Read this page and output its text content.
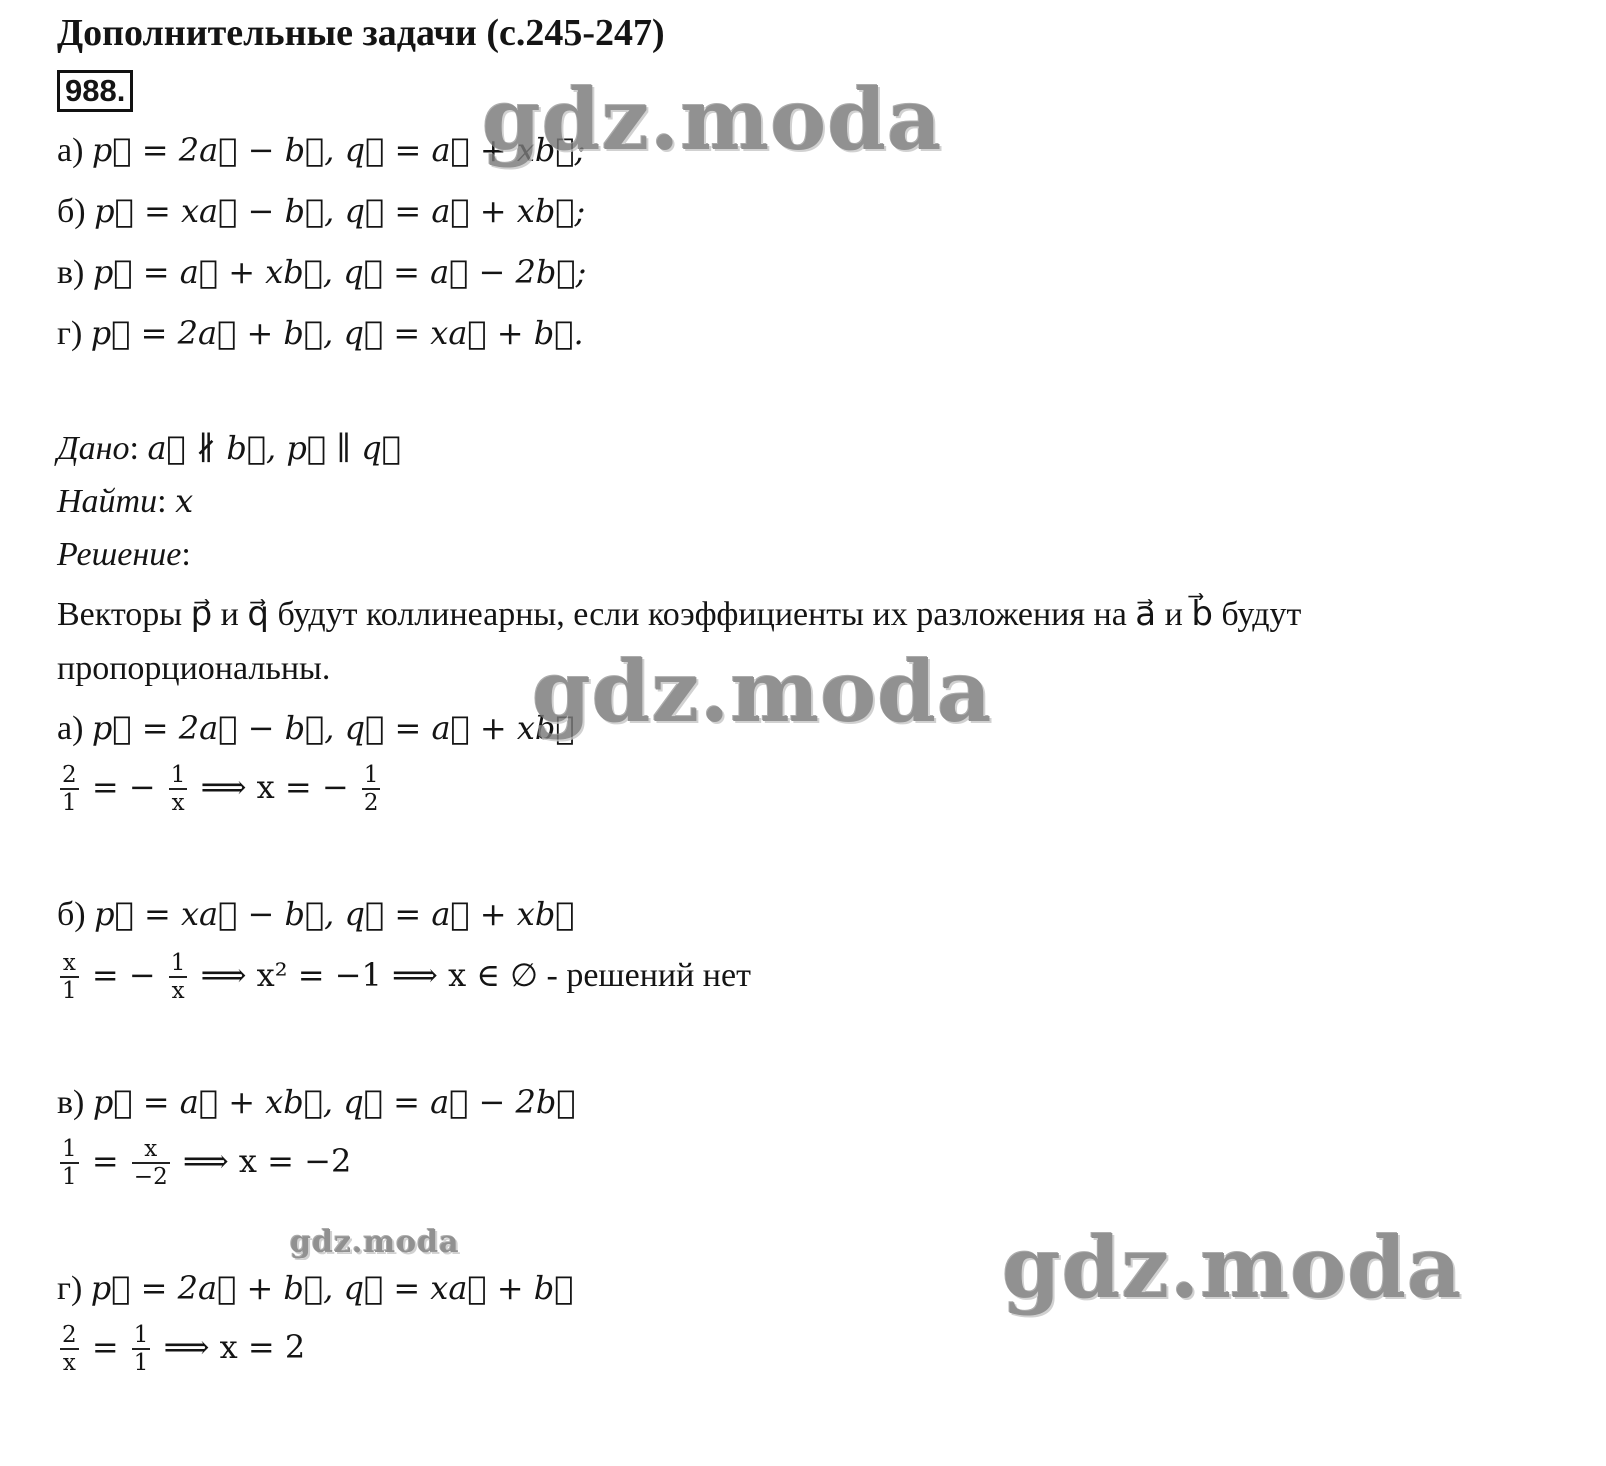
Дополнительные задачи (с.245-247)
988.
а) p⃗ = 2a⃗ − b⃗, q⃗ = a⃗ + xb⃗;
б) p⃗ = xa⃗ − b⃗, q⃗ = a⃗ + xb⃗;
в) p⃗ = a⃗ + xb⃗, q⃗ = a⃗ − 2b⃗;
г) p⃗ = 2a⃗ + b⃗, q⃗ = xa⃗ + b⃗.
Дано: a⃗ ∦ b⃗, p⃗ ∥ q⃗
Найти: x
Решение:
Векторы p⃗ и q⃗ будут коллинеарны, если коэффициенты их разложения на a⃗ и b⃗ будут
пропорциональны.
а) p⃗ = 2a⃗ − b⃗, q⃗ = a⃗ + xb⃗
$\frac{2}{1}$ = − $\frac{1}{x}$ ⟹ x = − $\frac{1}{2}$
б) p⃗ = xa⃗ − b⃗, q⃗ = a⃗ + xb⃗
$\frac{x}{1}$ = − $\frac{1}{x}$ ⟹ x² = −1 ⟹ x ∈ ∅ - решений нет
в) p⃗ = a⃗ + xb⃗, q⃗ = a⃗ − 2b⃗
$\frac{1}{1} = \frac{x}{-2}$ ⟹ x = −2
г) p⃗ = 2a⃗ + b⃗, q⃗ = xa⃗ + b⃗
$\frac{2}{x} = \frac{1}{1}$ ⟹ x = 2
gdz.moda
gdz.moda
gdz.moda	gdz.moda
